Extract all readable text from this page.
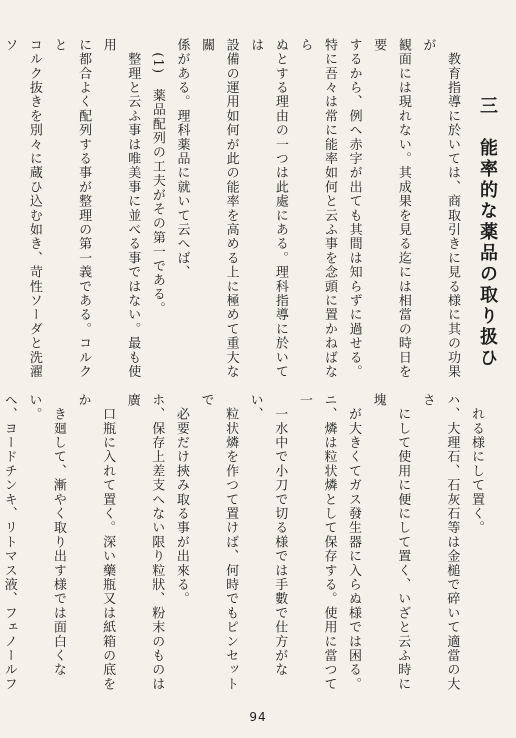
三　能率的な薬品の取り扱ひ

　教育指導に於いては、商取引きに見る様に其の功果が

観面には現れない。其成果を見る迄には相當の時日を要

するから、例へ赤字が出ても其間は知らずに過せる。

特に吾々は常に能率如何と云ふ事を念頭に置かねばなら

ぬとする理由の一つは此處にある。理科指導に於いては

設備の運用如何が此の能率を高める上に極めて重大な關

係がある。理科薬品に就いて云へば、

　(1)　薬品配列の工夫がその第一である。

　整理と云ふ事は唯美事に並べる事ではない。最も使用

に都合よく配列する事が整理の第一義である。コルクと

コルク抜きを別々に蔵ひ込む如き、苛性ソーダと洗濯ソ

　れる様にして置く。

ハ、大理石、石灰石等は金槌で碎いて適當の大さ

　にして使用に便にして置く、いざと云ふ時に塊

　が大きくてガス發生器に入らぬ様では困る。

ニ、燐は粒状燐として保存する。使用に當つて一

　一水中で小刀で切る様では手數で仕方がない、

　粒状燐を作つて置けば、何時でもピンセットで

　必要だけ挾み取る事が出來る。

ホ、保存上差支へない限り粒狀、粉末のものは廣

　口瓶に入れて置く。深い藥瓶又は紙箱の底をか

　き廻して、漸やく取り出す様では面白くない。

へ、ヨードチンキ、リトマス液、フェノールフ

94
